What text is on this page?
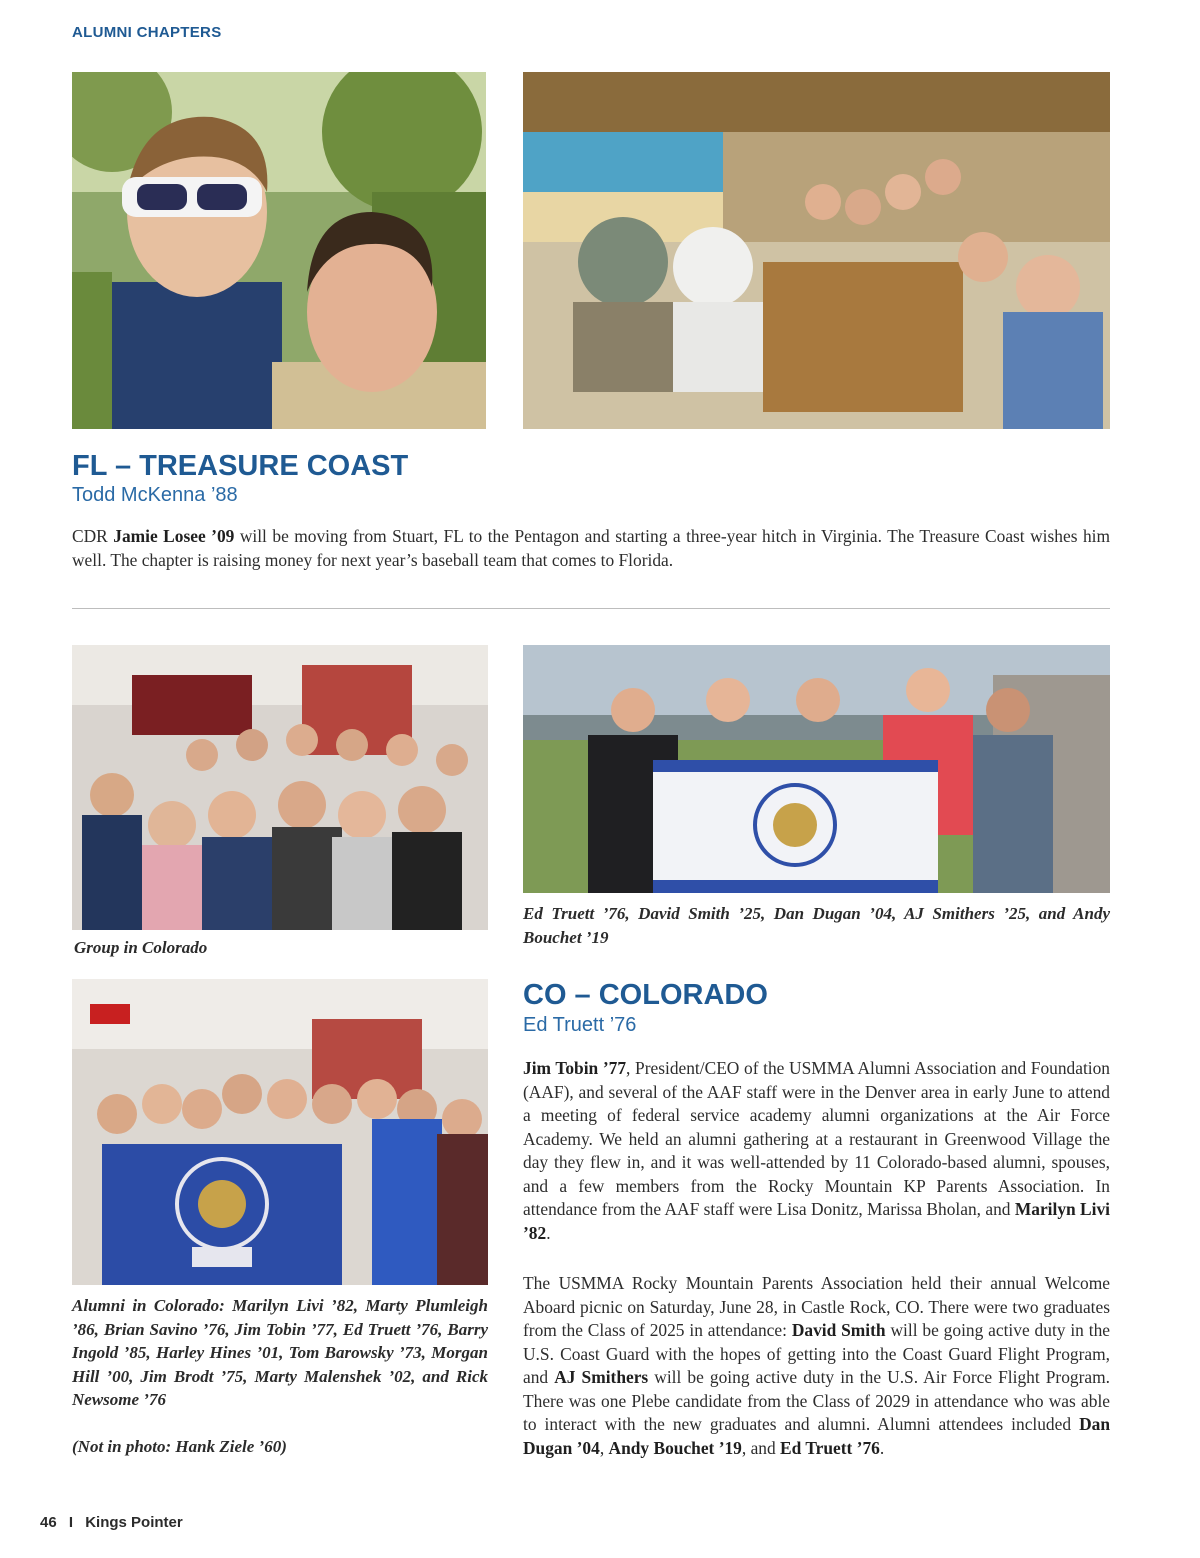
ALUMNI CHAPTERS
FL – TREASURE COAST
Todd McKenna ’88

CDR Jamie Losee ’09 will be moving from Stuart, FL to the Pentagon and starting a three-year hitch in Virginia. The Treasure Coast wishes him well. The chapter is raising money for next year’s baseball team that comes to Florida.

Group in Colorado
Ed Truett ’76, David Smith ’25, Dan Dugan ’04, AJ Smithers ’25, and Andy Bouchet ’19
Alumni in Colorado: Marilyn Livi ’82, Marty Plumleigh ’86, Brian Savino ’76, Jim Tobin ’77, Ed Truett ’76, Barry Ingold ’85, Harley Hines ’01, Tom Barowsky ’73, Morgan Hill ’00, Jim Brodt ’75, Marty Malenshek ’02, and Rick Newsome ’76
(Not in photo: Hank Ziele ’60)
CO – COLORADO
Ed Truett ’76

Jim Tobin ’77, President/CEO of the USMMA Alumni Association and Foundation (AAF), and several of the AAF staff were in the Denver area in early June to attend a meeting of federal service academy alumni organizations at the Air Force Academy. We held an alumni gathering at a restaurant in Greenwood Village the day they flew in, and it was well-attended by 11 Colorado-based alumni, spouses, and a few members from the Rocky Mountain KP Parents Association. In attendance from the AAF staff were Lisa Donitz, Marissa Bholan, and Marilyn Livi ’82.

The USMMA Rocky Mountain Parents Association held their annual Welcome Aboard picnic on Saturday, June 28, in Castle Rock, CO. There were two graduates from the Class of 2025 in attendance: David Smith will be going active duty in the U.S. Coast Guard with the hopes of getting into the Coast Guard Flight Program, and AJ Smithers will be going active duty in the U.S. Air Force Flight Program. There was one Plebe candidate from the Class of 2029 in attendance who was able to interact with the new graduates and alumni. Alumni attendees included Dan Dugan ’04, Andy Bouchet ’19, and Ed Truett ’76.

46 I Kings Pointer
